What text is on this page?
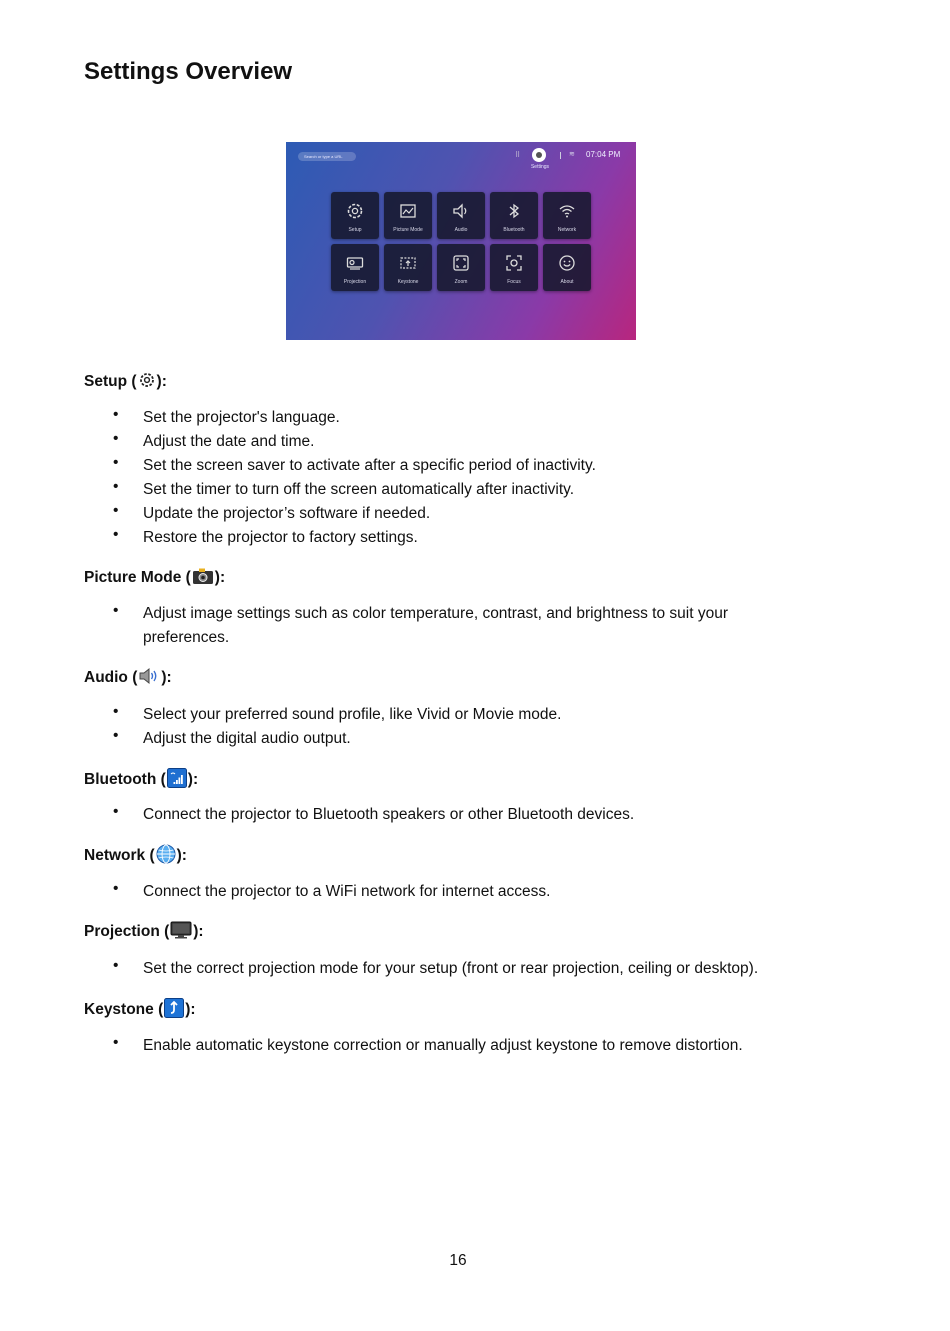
Settings Overview
Search or type a URL	⠿
Settings
≋ 07:04 PM
Setup	Picture Mode	Audio	Bluetooth	Network
Projection	Keystone	Zoom	Focus	About
Setup ( ):
• Set the projector's language.
• Adjust the date and time.
• Set the screen saver to activate after a specific period of inactivity.
• Set the timer to turn off the screen automatically after inactivity.
• Update the projector’s software if needed.
• Restore the projector to factory settings.
Picture Mode ( ):
• Adjust image settings such as color temperature, contrast, and brightness to suit your preferences.
Audio ( ):
• Select your preferred sound profile, like Vivid or Movie mode.
• Adjust the digital audio output.
Bluetooth ( ):
• Connect the projector to Bluetooth speakers or other Bluetooth devices.
Network ( ):
• Connect the projector to a WiFi network for internet access.
Projection ( ):
• Set the correct projection mode for your setup (front or rear projection, ceiling or desktop).
Keystone ( ):
• Enable automatic keystone correction or manually adjust keystone to remove distortion.
16
